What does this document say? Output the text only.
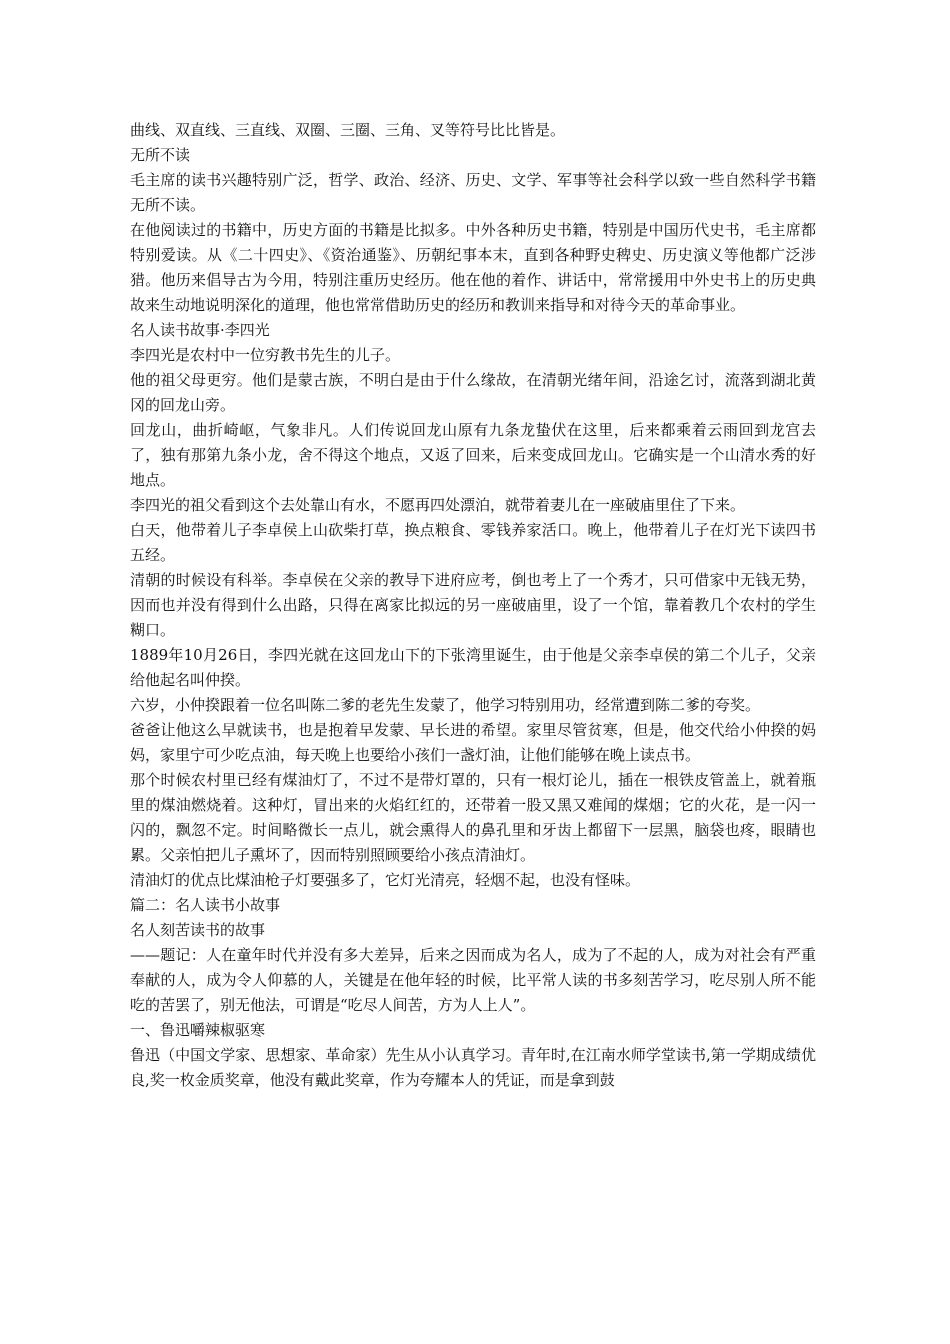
曲线、双直线、三直线、双圈、三圈、三角、叉等符号比比皆是。

无所不读

毛主席的读书兴趣特别广泛，哲学、政治、经济、历史、文学、军事等社会科学以致一些自然科学书籍无所不读。

在他阅读过的书籍中，历史方面的书籍是比拟多。中外各种历史书籍，特别是中国历代史书，毛主席都特别爱读。从《二十四史》、《资治通鉴》、历朝纪事本末，直到各种野史稗史、历史演义等他都广泛涉猎。他历来倡导古为今用，特别注重历史经历。他在他的着作、讲话中，常常援用中外史书上的历史典故来生动地说明深化的道理，他也常常借助历史的经历和教训来指导和对待今天的革命事业。

名人读书故事·李四光

李四光是农村中一位穷教书先生的儿子。

他的祖父母更穷。他们是蒙古族，不明白是由于什么缘故，在清朝光绪年间，沿途乞讨，流落到湖北黄冈的回龙山旁。

回龙山，曲折崎岖，气象非凡。人们传说回龙山原有九条龙蛰伏在这里，后来都乘着云雨回到龙宫去了，独有那第九条小龙，舍不得这个地点，又返了回来，后来变成回龙山。它确实是一个山清水秀的好地点。

李四光的祖父看到这个去处靠山有水，不愿再四处漂泊，就带着妻儿在一座破庙里住了下来。

白天，他带着儿子李卓侯上山砍柴打草，换点粮食、零钱养家活口。晚上，他带着儿子在灯光下读四书五经。

清朝的时候设有科举。李卓侯在父亲的教导下进府应考，倒也考上了一个秀才，只可借家中无钱无势，因而也并没有得到什么出路，只得在离家比拟远的另一座破庙里，设了一个馆，靠着教几个农村的学生糊口。

1889年10月26日，李四光就在这回龙山下的下张湾里诞生，由于他是父亲李卓侯的第二个儿子，父亲给他起名叫仲揆。

六岁，小仲揆跟着一位名叫陈二爹的老先生发蒙了，他学习特别用功，经常遭到陈二爹的夸奖。

爸爸让他这么早就读书，也是抱着早发蒙、早长进的希望。家里尽管贫寒，但是，他交代给小仲揆的妈妈，家里宁可少吃点油，每天晚上也要给小孩们一盏灯油，让他们能够在晚上读点书。

那个时候农村里已经有煤油灯了，不过不是带灯罩的，只有一根灯论儿，插在一根铁皮管盖上，就着瓶里的煤油燃烧着。这种灯，冒出来的火焰红红的，还带着一股又黑又难闻的煤烟；它的火花，是一闪一闪的，飘忽不定。时间略微长一点儿，就会熏得人的鼻孔里和牙齿上都留下一层黑，脑袋也疼，眼睛也累。父亲怕把儿子熏坏了，因而特别照顾要给小孩点清油灯。

清油灯的优点比煤油枪子灯要强多了，它灯光清亮，轻烟不起，也没有怪味。

篇二：名人读书小故事

名人刻苦读书的故事

——题记：人在童年时代并没有多大差异，后来之因而成为名人，成为了不起的人，成为对社会有严重奉献的人，成为令人仰慕的人，关键是在他年轻的时候，比平常人读的书多刻苦学习，吃尽别人所不能吃的苦罢了，别无他法，可谓是“吃尽人间苦，方为人上人”。

一、鲁迅嚼辣椒驱寒

鲁迅（中国文学家、思想家、革命家）先生从小认真学习。青年时,在江南水师学堂读书,第一学期成绩优良,奖一枚金质奖章，他没有戴此奖章，作为夸耀本人的凭证，而是拿到鼓
